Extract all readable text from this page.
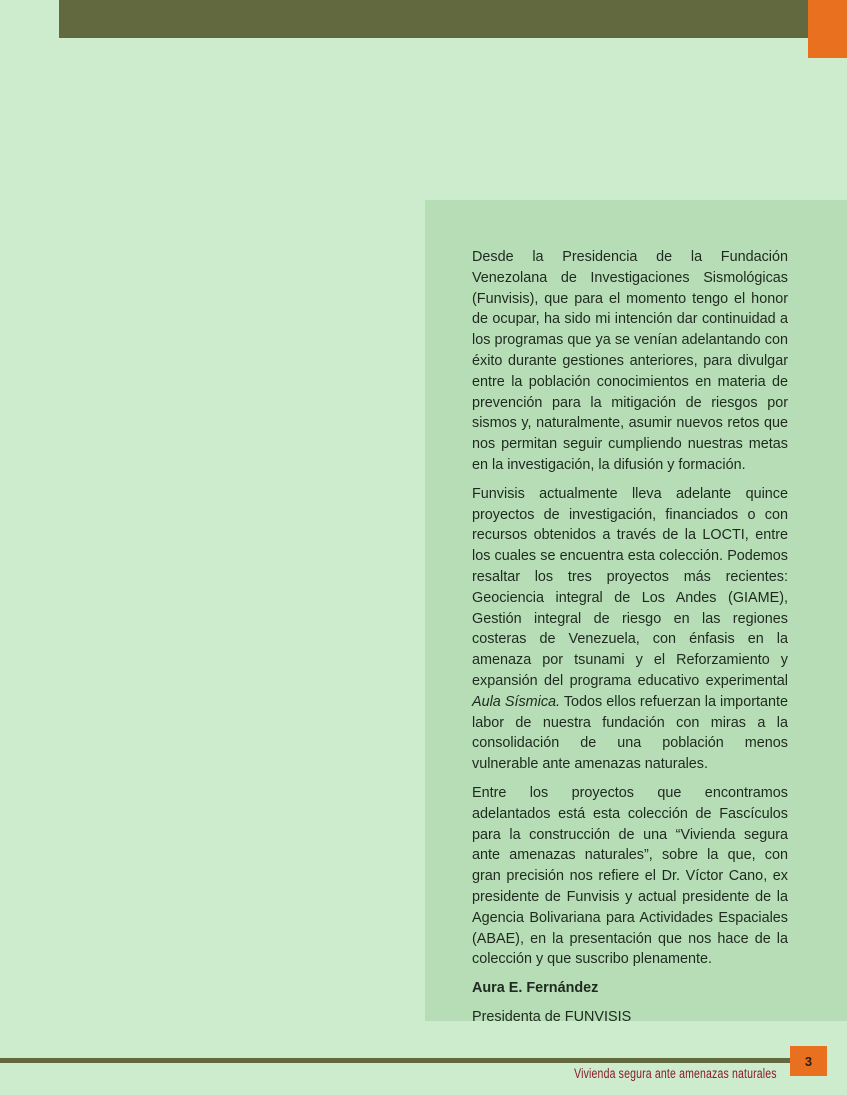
Desde la Presidencia de la Fundación Venezolana de Investigaciones Sismológicas (Funvisis), que para el momento tengo el honor de ocupar, ha sido mi intención dar continuidad a los programas que ya se venían adelantando con éxito durante gestiones anteriores, para divulgar entre la población conocimientos en materia de prevención para la mitigación de riesgos por sismos y, naturalmente, asumir nuevos retos que nos permitan seguir cumpliendo nuestras metas en la investigación, la difusión y formación.

Funvisis actualmente lleva adelante quince proyectos de investigación, financiados o con recursos obtenidos a través de la LOCTI, entre los cuales se encuentra esta colección. Podemos resaltar los tres proyectos más recientes: Geociencia integral de Los Andes (GIAME), Gestión integral de riesgo en las regiones costeras de Venezuela, con énfasis en la amenaza por tsunami y el Reforzamiento y expansión del programa educativo experimental Aula Sísmica. Todos ellos refuerzan la importante labor de nuestra fundación con miras a la consolidación de una población menos vulnerable ante amenazas naturales.

Entre los proyectos que encontramos adelantados está esta colección de Fascículos para la construcción de una “Vivienda segura ante amenazas naturales”, sobre la que, con gran precisión nos refiere el Dr. Víctor Cano, ex presidente de Funvisis y actual presidente de la Agencia Bolivariana para Actividades Espaciales (ABAE), en la presentación que nos hace de la colección y que suscribo plenamente.

Aura E. Fernández

Presidenta de FUNVISIS

3
Vivienda segura ante amenazas naturales
